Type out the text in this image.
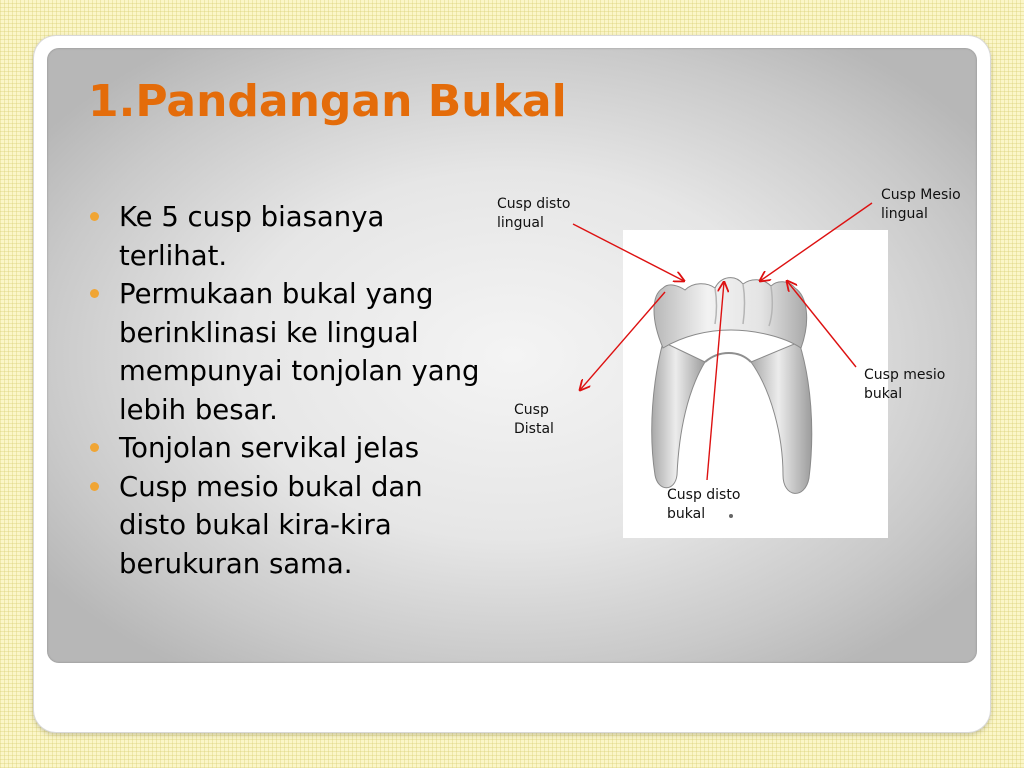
1.Pandangan Bukal
Ke 5 cusp biasanya terlihat.
Permukaan bukal yang berinklinasi ke lingual mempunyai tonjolan yang lebih besar.
Tonjolan servikal jelas
Cusp mesio bukal dan disto bukal kira-kira berukuran sama.
Cusp disto
lingual
Cusp Mesio
lingual
Cusp mesio
bukal
Cusp
Distal
Cusp disto
bukal
